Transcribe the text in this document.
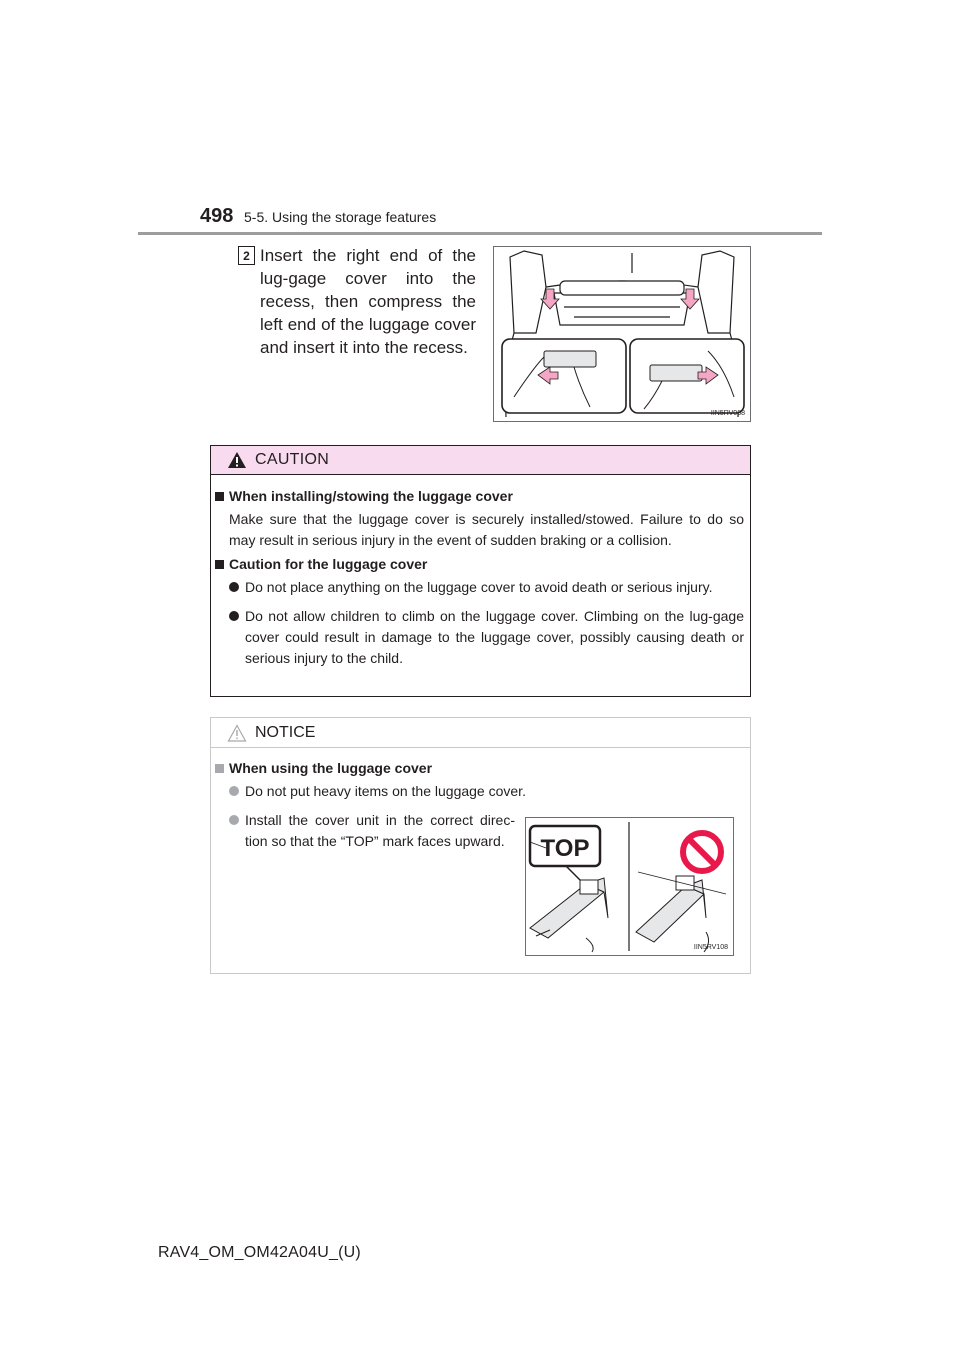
498 5-5. Using the storage features
2 Insert the right end of the lug-gage cover into the recess, then compress the left end of the luggage cover and insert it into the recess.
IIN5RV068
CAUTION
When installing/stowing the luggage cover
Make sure that the luggage cover is securely installed/stowed. Failure to do so may result in serious injury in the event of sudden braking or a collision.
Caution for the luggage cover
Do not place anything on the luggage cover to avoid death or serious injury.
Do not allow children to climb on the luggage cover. Climbing on the lug-gage cover could result in damage to the luggage cover, possibly causing death or serious injury to the child.
NOTICE
When using the luggage cover
Do not put heavy items on the luggage cover.
Install the cover unit in the correct direc-tion so that the “TOP” mark faces upward.	TOP
IIN5RV108
RAV4_OM_OM42A04U_(U)
